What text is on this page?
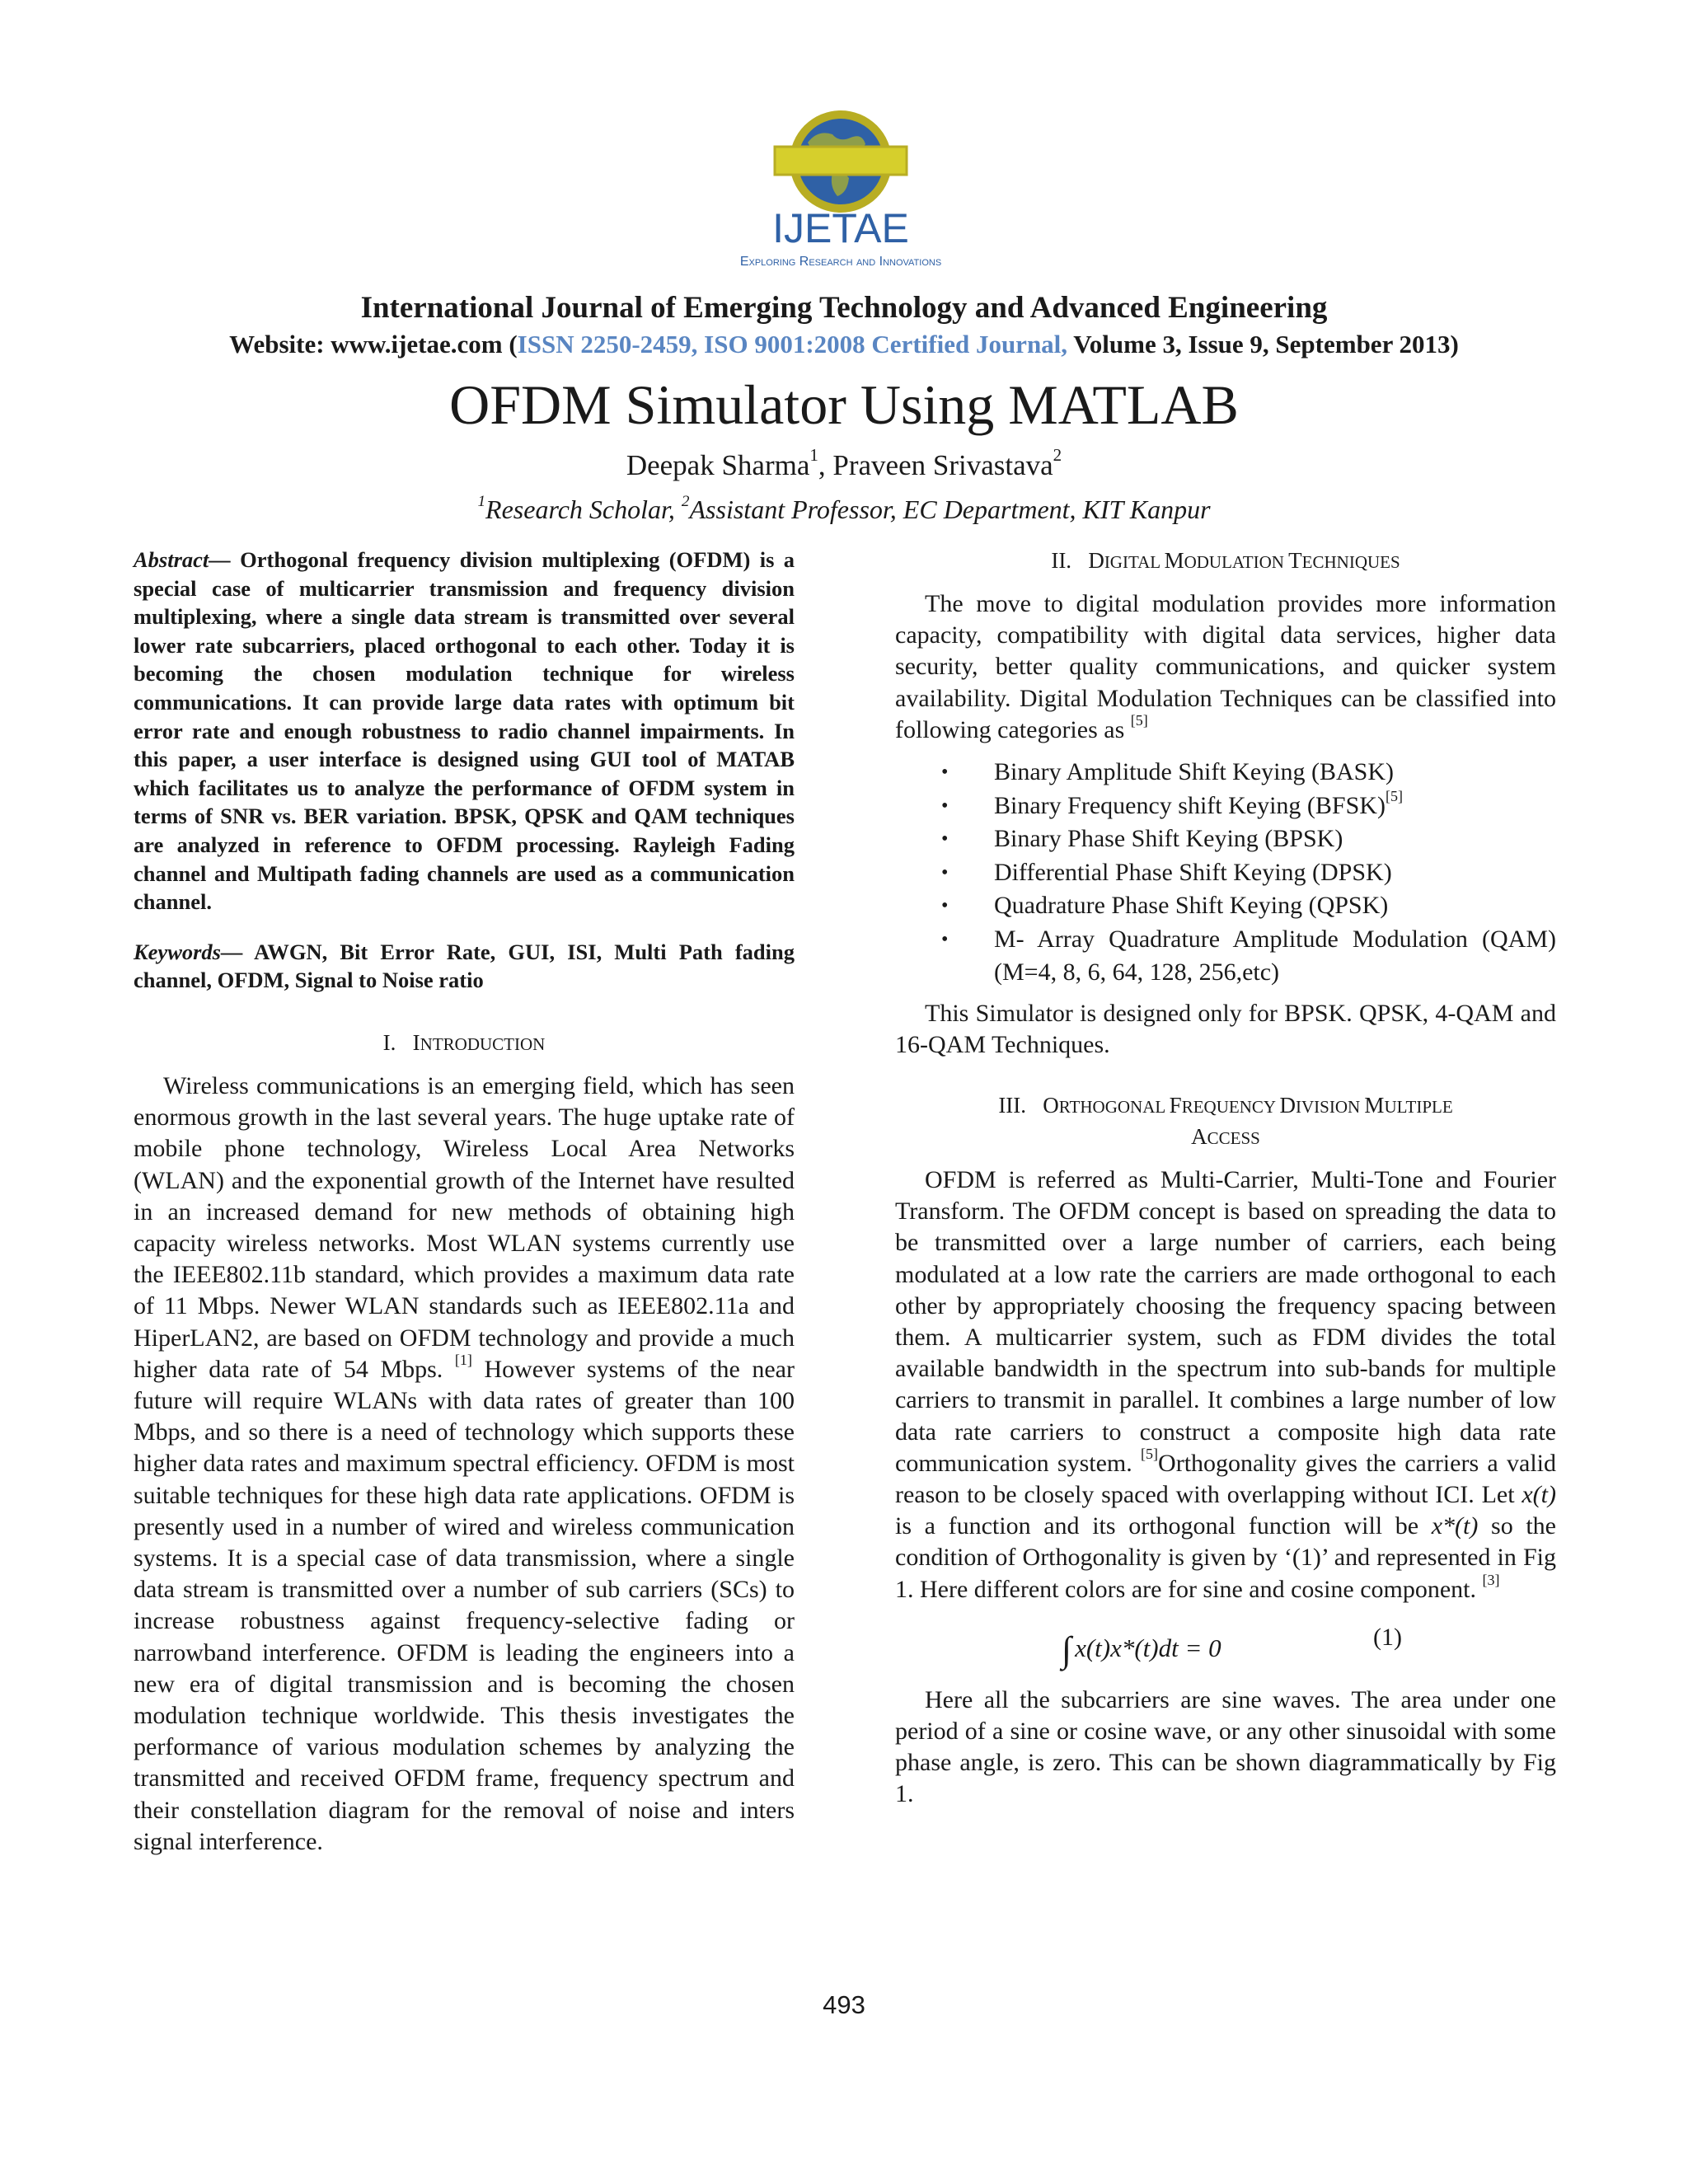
IJETAE
Exploring Research and Innovations
International Journal of Emerging Technology and Advanced Engineering
Website: www.ijetae.com (ISSN 2250-2459, ISO 9001:2008 Certified Journal, Volume 3, Issue 9, September 2013)
OFDM Simulator Using MATLAB
Deepak Sharma$^1$, Praveen Srivastava$^2$
$^1$Research Scholar, $^2$Assistant Professor, EC Department, KIT Kanpur

Abstract— Orthogonal frequency division multiplexing (OFDM) is a special case of multicarrier transmission and frequency division multiplexing, where a single data stream is transmitted over several lower rate subcarriers, placed orthogonal to each other. Today it is becoming the chosen modulation technique for wireless communications. It can provide large data rates with optimum bit error rate and enough robustness to radio channel impairments. In this paper, a user interface is designed using GUI tool of MATAB which facilitates us to analyze the performance of OFDM system in terms of SNR vs. BER variation. BPSK, QPSK and QAM techniques are analyzed in reference to OFDM processing. Rayleigh Fading channel and Multipath fading channels are used as a communication channel.

Keywords— AWGN, Bit Error Rate, GUI, ISI, Multi Path fading channel, OFDM, Signal to Noise ratio

I. INTRODUCTION

Wireless communications is an emerging field, which has seen enormous growth in the last several years. The huge uptake rate of mobile phone technology, Wireless Local Area Networks (WLAN) and the exponential growth of the Internet have resulted in an increased demand for new methods of obtaining high capacity wireless networks. Most WLAN systems currently use the IEEE802.11b standard, which provides a maximum data rate of 11 Mbps. Newer WLAN standards such as IEEE802.11a and HiperLAN2, are based on OFDM technology and provide a much higher data rate of 54 Mbps. [1] However systems of the near future will require WLANs with data rates of greater than 100 Mbps, and so there is a need of technology which supports these higher data rates and maximum spectral efficiency. OFDM is most suitable techniques for these high data rate applications. OFDM is presently used in a number of wired and wireless communication systems. It is a special case of data transmission, where a single data stream is transmitted over a number of sub carriers (SCs) to increase robustness against frequency-selective fading or narrowband interference. OFDM is leading the engineers into a new era of digital transmission and is becoming the chosen modulation technique worldwide. This thesis investigates the performance of various modulation schemes by analyzing the transmitted and received OFDM frame, frequency spectrum and their constellation diagram for the removal of noise and inters signal interference.

II. DIGITAL MODULATION TECHNIQUES

The move to digital modulation provides more information capacity, compatibility with digital data services, higher data security, better quality communications, and quicker system availability. Digital Modulation Techniques can be classified into following categories as [5]

• Binary Amplitude Shift Keying (BASK)
• Binary Frequency shift Keying (BFSK)[5]
• Binary Phase Shift Keying (BPSK)
• Differential Phase Shift Keying (DPSK)
• Quadrature Phase Shift Keying (QPSK)
• M- Array Quadrature Amplitude Modulation (QAM) (M=4, 8, 6, 64, 128, 256,etc)

This Simulator is designed only for BPSK. QPSK, 4-QAM and 16-QAM Techniques.

III. ORTHOGONAL FREQUENCY DIVISION MULTIPLE
ACCESS

OFDM is referred as Multi-Carrier, Multi-Tone and Fourier Transform. The OFDM concept is based on spreading the data to be transmitted over a large number of carriers, each being modulated at a low rate the carriers are made orthogonal to each other by appropriately choosing the frequency spacing between them. A multicarrier system, such as FDM divides the total available bandwidth in the spectrum into sub-bands for multiple carriers to transmit in parallel. It combines a large number of low data rate carriers to construct a composite high data rate communication system. [5]Orthogonality gives the carriers a valid reason to be closely spaced with overlapping without ICI. Let x(t) is a function and its orthogonal function will be x*(t) so the condition of Orthogonality is given by ‘(1)’ and represented in Fig 1. Here different colors are for sine and cosine component. [3]

∫ x(t)x*(t)dt = 0	(1)

Here all the subcarriers are sine waves. The area under one period of a sine or cosine wave, or any other sinusoidal with some phase angle, is zero. This can be shown diagrammatically by Fig 1.

493
